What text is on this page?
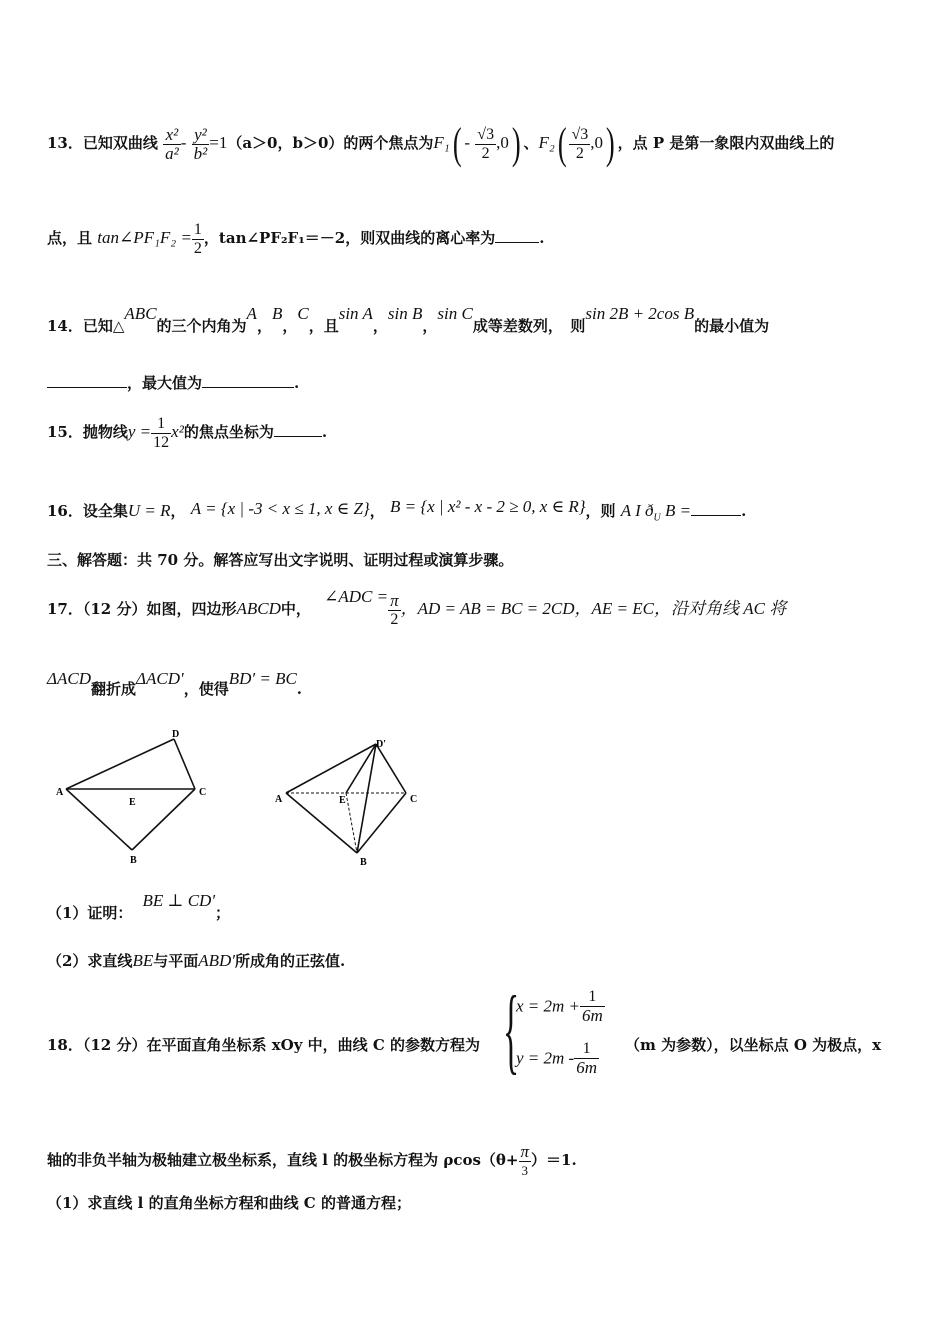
13．已知双曲线 $\frac{\text{x²}}{\text{a²}} - \frac{\text{y²}}{\text{b²}} =1(a>0$，b＞0）的两个焦点为$F_1( - \frac{√3}{2} ,0)$ 、$F_2( \frac{√3}{2} ,0)$ ，点 P 是第一象限内双曲线上的
点，且 tan∠PF₁F₂ = $\frac{1}{2}$ ，tan∠PF₂F₁＝－2，则双曲线的离心率为	.
14．已知△ABC的三个内角为A，B，C，且sin A，sin B，sin C成等差数列，　则sin 2B + 2cos B的最小值为
，最大值为	.
15．抛物线$y = \frac{1}{12} x^2$的焦点坐标为	.
16．设全集U = R， A = {x | -3 < x ≤ 1, x ∈ Z}， B = {x | x² - x - 2 ≥ 0, x ∈ R}，则 A I $ð_U$ B =	.
三、解答题：共 70 分。解答应写出文字说明、证明过程或演算步骤。
17．（12 分）如图，四边形ABCD中， ∠ADC = $\frac{\pi}{2}$ ，AD = AB = BC = 2CD，AE = EC，沿对角线 AC 将
ΔACD翻折成ΔACD′，使得BD′ = BC.
A
D
C
E
B
A
D′
C
E
B
（1）证明：BE ⊥ CD′；
（2）求直线BE与平面ABD′所成角的正弦值.
{
$x = 2m + \frac{1}{6m}$
$y = 2m - \frac{1}{6m}$
18．（12 分）在平面直角坐标系 xOy 中，曲线 C 的参数方程为	（m 为参数），以坐标点 O 为极点，x
轴的非负半轴为极轴建立极坐标系，直线 l 的极坐标方程为 $\rho\cos(\theta+ \frac{\pi}{3} )=1$.
（1）求直线 l 的直角坐标方程和曲线 C 的普通方程；
